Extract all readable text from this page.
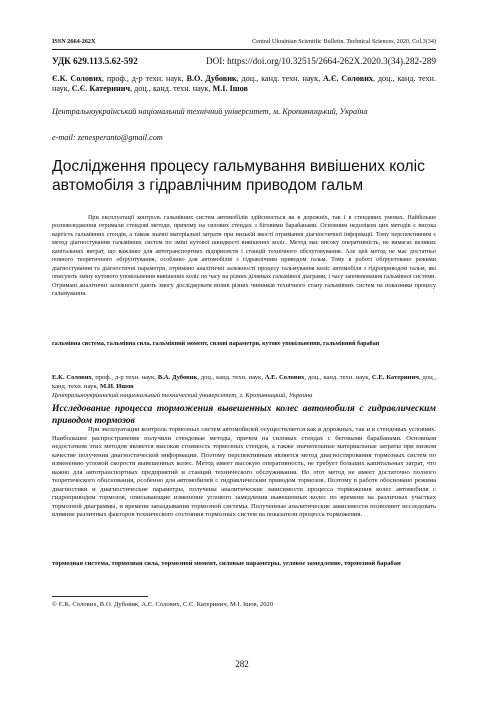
ISSN 2664-262X	Central Ukrainian Scientific Bulletin. Technical Sciences, 2020, Col.3(34)
УДК 629.113.5.62-592	DOI: https://doi.org/10.32515/2664-262X.2020.3(34).282-289
Є.К. Солових, проф., д-р техн. наук, В.О. Дубовик, доц., канд. техн. наук, А.Є. Солових, доц., канд. техн. наук, С.Є. Катеринич, доц., канд. техн. наук, М.І. Ішов
Центральноукраїнський національний технічний університет, м. Кропивницький, Україна
e-mail: zenesperanto@gmail.com
Дослідження процесу гальмування вивішених коліс автомобіля з гідравлічним приводом гальм
При експлуатації контроль гальмівних систем автомобілів здійснюється як в дорожніх, так і в стендових умовах. Найбільше розповсюдження отримали стендові методи, причому на силових стендах з біговими барабанами. Основним недоліком цих методів є висока вартість гальмівних стендів, а також значні матеріальні затрати при низькій якості отримання діагностичної інформації. Тому перспективним є метод діагностування гальмівних систем по зміні кутової швидкості вивішених коліс. Метод має високу оперативність, не вимагає великих капітальних витрат, що важливо для автотранспортних підприємств і станцій технічного обслуговування. Але цей метод не має достатньо повного теоретичного обґрунтування, особливо для автомобілів з гідравлічним приводом гальм. Тому в роботі обґрунтовано режими діагностування та діагностичні параметри, отримано аналітичні залежності процесу гальмування коліс автомобіля з гідроприводом гальм, які описують зміну кутового уповільнення вивішених коліс по часу на різних ділянках гальмівної діаграми, і часу заповнювання гальмівної системи. Отримані аналітичні залежності дають змогу досліджувати вплив різних чинників технічного стану гальмівних систем на показники процесу гальмування.
гальмівна система, гальмівна сила, гальмівний момент, силові параметри, кутове уповільнення, гальмівний барабан
Е.К. Солових, проф., д-р техн. наук, В.А. Дубовик, доц., канд. техн. наук, А.Е. Солових, доц., канд. техн. наук, С.Е. Катеринич, доц., канд. техн. наук, М.И. Ишов
Центральноукраинский национальный технический университет, г. Кропивницкий, Украина
Исследование процесса торможения вывешенных колес автомобиля с гидравлическим приводом тормозов
При эксплуатации контроль тормозных систем автомобилей осуществляется как в дорожных, так и в стендовых условиях. Наибольшее распространение получили стендовые методы, причем на силовых стендах с беговыми барабанами. Основным недостатком этих методов является высокая стоимость тормозных стендов, а также значительные материальные затраты при низком качестве получения диагностической информации. Поэтому перспективным является метод диагностирования тормозных систем по изменению угловой скорости вывешенных колес. Метод имеет высокую оперативность, не требует больших капитальных затрат, что важно для автотранспортных предприятий и станций технического обслуживания. Но этот метод не имеет достаточно полного теоретического обоснования, особенно для автомобилей с гидравлическим приводом тормозов. Поэтому в работе обосновано режима диагностики и диагностические параметры, получены аналитические зависимости процесса торможения колес автомобиля с гидроприводом тормозов, описывающие изменение углового замедления вывешенных колес по времени на различных участках тормозной диаграммы, и времени запаздывания тормозной системы. Полученные аналитические зависимости позволяют исследовать влияние различных факторов технического состояния тормозных систем на показатели процесса торможения.
тормозная система, тормозная сила, тормозной момент, силовые параметры, угловое замедление, тормозной барабан
© Є.К. Солових, В.О. Дубовик, А.Є. Солових, С.Є. Катеринич, М.І. Ішов, 2020
282
